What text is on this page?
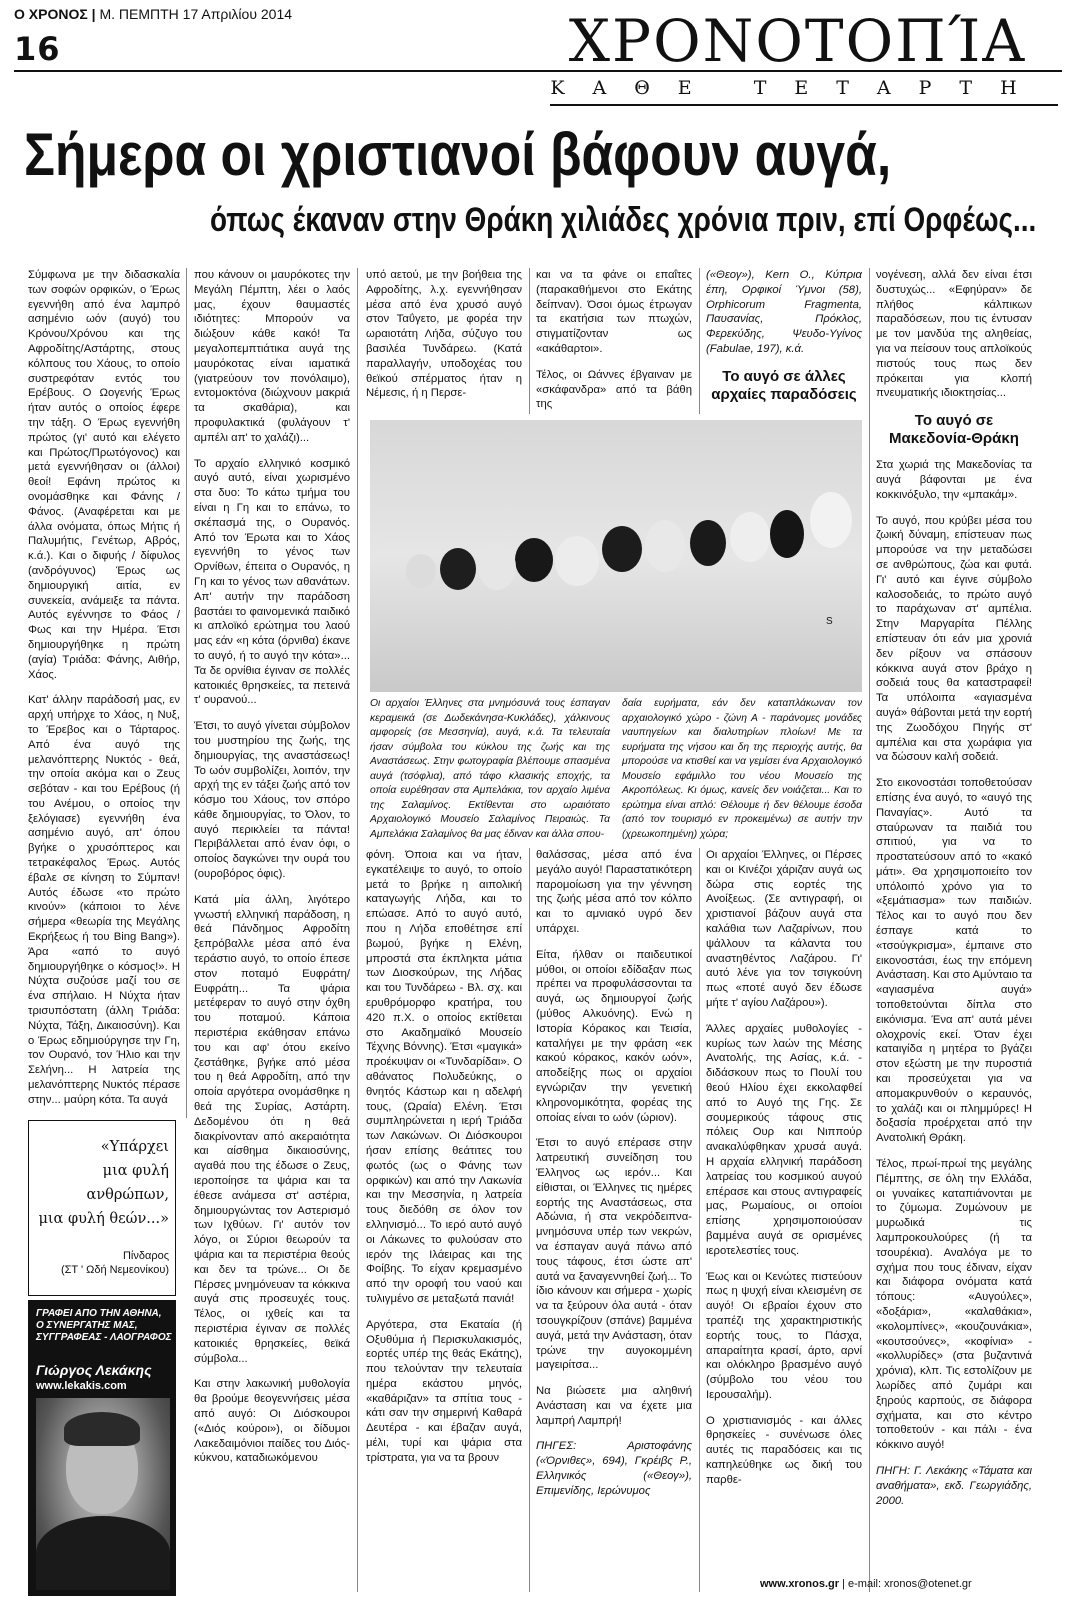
Ο ΧΡΟΝΟΣ | Μ. ΠΕΜΠΤΗ 17 Απριλίου 2014
16	ΧΡΟΝΟΤΟΠΊΑ
ΚΑΘΕ ΤΕΤΑΡΤΗ
Σήμερα οι χριστιανοί βάφουν αυγά,
όπως έκαναν στην Θράκη χιλιάδες χρόνια πριν, επί Ορφέως...

Σύμφωνα με την διδασκαλία των σοφών ορφικών, ο Έρως εγεννήθη από ένα λαμπρό ασημένιο ωόν (αυγό) του Κρόνου/Χρόνου και της Αφροδίτης/Αστάρτης, στους κόλπους του Χάους, το οποίο συστρεφόταν εντός του Ερέβους. Ο Ωογενής Έρως ήταν αυτός ο οποίος έφερε την τάξη. Ο Έρως εγεννήθη πρώτος (γι' αυτό και ελέγετο και Πρώτος/Πρωτόγονος) και μετά εγεννήθησαν οι (άλλοι) θεοί! Εφάνη πρώτος κι ονομάσθηκε και Φάνης / Φάνος. (Αναφέρεται και με άλλα ονόματα, όπως Μήτις ή Παλυμήτις, Γενέτωρ, Αβρός, κ.ά.). Και ο διφυής / δίφυλος (ανδρόγυνος) Έρως ως δημιουργική αιτία, εν συνεκεία, ανάμειξε τα πάντα. Αυτός εγέννησε το Φάος / Φως και την Ημέρα. Έτσι δημιουργήθηκε η πρώτη (αγία) Τριάδα: Φάνης, Αιθήρ, Χάος.

Κατ' άλλην παράδοσή μας, εν αρχή υπήρχε το Χάος, η Νυξ, το Έρεβος και ο Τάρταρος. Από ένα αυγό της μελανόπτερης Νυκτός - θεά, την οποία ακόμα και ο Ζευς σεβόταν - και του Ερέβους (ή του Ανέμου, ο οποίος την ξελόγιασε) εγεννήθη ένα ασημένιο αυγό, απ' όπου βγήκε ο χρυσόπτερος και τετρακέφαλος Έρως. Αυτός έβαλε σε κίνηση το Σύμπαν! Αυτός έδωσε «το πρώτο κινούν» (κάποιοι το λένε σήμερα «θεωρία της Μεγάλης Εκρήξεως ή του Bing Bang»). Άρα «από το αυγό δημιουργήθηκε ο κόσμος!». Η Νύχτα συζούσε μαζί του σε ένα σπήλαιο. Η Νύχτα ήταν τρισυπόστατη (άλλη Τριάδα: Νύχτα, Τάξη, Δικαιοσύνη). Και ο Έρως εδημιούργησε την Γη, τον Ουρανό, τον Ήλιο και την Σελήνη... Η λατρεία της μελανόπτερης Νυκτός πέρασε στην... μαύρη κότα. Τα αυγά

που κάνουν οι μαυρόκοτες την Μεγάλη Πέμπτη, λέει ο λαός μας, έχουν θαυμαστές ιδιότητες: Μπορούν να διώξουν κάθε κακό! Τα μεγαλοπεμπτιάτικα αυγά της μαυρόκοτας είναι ιαματικά (γιατρεύουν τον πονόλαιμο), εντομοκτόνα (διώχνουν μακριά τα σκαθάρια), και προφυλακτικά (φυλάγουν τ' αμπέλι απ' το χαλάζι)...

Το αρχαίο ελληνικό κοσμικό αυγό αυτό, είναι χωρισμένο στα δυο: Το κάτω τμήμα του είναι η Γη και το επάνω, το σκέπασμά της, ο Ουρανός. Από τον Έρωτα και το Χάος εγεννήθη το γένος των Ορνίθων, έπειτα ο Ουρανός, η Γη και το γένος των αθανάτων. Απ' αυτήν την παράδοση βαστάει το φαινομενικά παιδικό κι απλοϊκό ερώτημα του λαού μας εάν «η κότα (όρνιθα) έκανε το αυγό, ή το αυγό την κότα»... Τα δε ορνίθια έγιναν σε πολλές κατοικιές θρησκείες, τα πετεινά τ' ουρανού...

Έτσι, το αυγό γίνεται σύμβολον του μυστηρίου της ζωής, της δημιουργίας, της αναστάσεως! Το ωόν συμβολίζει, λοιπόν, την αρχή της εν τάξει ζωής από τον κόσμο του Χάους, τον σπόρο κάθε δημιουργίας, το Όλον, το αυγό περικλείει τα πάντα! Περιβάλλεται από έναν όφι, ο οποίος δαγκώνει την ουρά του (ουροβόρος όφις).

Κατά μία άλλη, λιγότερο γνωστή ελληνική παράδοση, η θεά Πάνδημος Αφροδίτη ξεπρόβαλλε μέσα από ένα τεράστιο αυγό, το οποίο έπεσε στον ποταμό Ευφράτη/Ευφράτη... Τα ψάρια μετέφεραν το αυγό στην όχθη του ποταμού. Κάποια περιστέρια εκάθησαν επάνω του και αφ' ότου εκείνο ζεστάθηκε, βγήκε από μέσα του η θεά Αφροδίτη, από την οποία αργότερα ονομάσθηκε η θεά της Συρίας, Αστάρτη. Δεδομένου ότι η θεά διακρίνονταν από ακεραιότητα και αίσθημα δικαιοσύνης, αγαθά που της έδωσε ο Ζευς, ιεροποίησε τα ψάρια και τα έθεσε ανάμεσα στ' αστέρια, δημιουργώντας τον Αστερισμό των Ιχθύων. Γι' αυτόν τον λόγο, οι Σύριοι θεωρούν τα ψάρια και τα περιστέρια θεούς και δεν τα τρώνε... Οι δε Πέρσες μνημόνευαν τα κόκκινα αυγά στις προσευχές τους. Τέλος, οι ιχθείς και τα περιστέρια έγιναν σε πολλές κατοικιές θρησκείες, θεϊκά σύμβολα...

Και στην λακωνική μυθολογία θα βρούμε θεογεννήσεις μέσα από αυγό: Οι Διόσκουροι («Διός κούροι»), οι δίδυμοι Λακεδαιμόνιοι παίδες του Διός-κύκνου, καταδιωκόμενου

υπό αετού, με την βοήθεια της Αφροδίτης, λ.χ. εγεννήθησαν μέσα από ένα χρυσό αυγό στον Ταΰγετο, με φορέα την ωραιοτάτη Λήδα, σύζυγο του βασιλέα Τυνδάρεω. (Κατά παραλλαγήν, υποδοχέας του θεϊκού σπέρματος ήταν η Νέμεσις, ή η Περσε-

και να τα φάνε οι επαΐτες (παρακαθήμενοι στο Εκάτης δείπναν). Όσοι όμως έτρωγαν τα εκατήσια των πτωχών, στιγματίζονταν ως «ακάθαρτοι».

Τέλος, οι Ωάννες έβγαιναν με «σκάφανδρα» από τα βάθη της

(«Θεογ»), Kern O., Κύπρια έπη, Ορφικοί Ύμνοι (58), Orphicorum Fragmenta, Παυσανίας, Πρόκλος, Φερεκύδης, Ψευδο-Υγίνος (Fabulae, 197), κ.ά.

Το αυγό σε άλλες αρχαίες παραδόσεις

νογένεση, αλλά δεν είναι έτσι δυστυχώς... «Εφηύραν» δε πλήθος κάλπικων παραδόσεων, που τις έντυσαν με τον μανδύα της αληθείας, για να πείσουν τους απλοϊκούς πιστούς τους πως δεν πρόκειται για κλοπή πνευματικής ιδιοκτησίας...

Το αυγό σε Μακεδονία-Θράκη

Στα χωριά της Μακεδονίας τα αυγά βάφονται με ένα κοκκινόξυλο, την «μπακάμ».

Το αυγό, που κρύβει μέσα του ζωική δύναμη, επίστευαν πως μπορούσε να την μεταδώσει σε ανθρώπους, ζώα και φυτά. Γι' αυτό και έγινε σύμβολο καλοσοδειάς, το πρώτο αυγό το παράχωναν στ' αμπέλια. Στην Μαργαρίτα Πέλλης επίστευαν ότι εάν μια χρονιά δεν ρίξουν να σπάσουν κόκκινα αυγά στον βράχο η σοδειά τους θα καταστραφεί! Τα υπόλοιπα «αγιασμένα αυγά» θάβονται μετά την εορτή της Ζωοδόχου Πηγής στ' αμπέλια και στα χωράφια για να δώσουν καλή σοδειά.

Στο εικονοστάσι τοποθετούσαν επίσης ένα αυγό, το «αυγό της Παναγίας». Αυτό τα σταύρωναν τα παιδιά του σπιτιού, για να το προστατεύσουν από το «κακό μάτι». Θα χρησιμοποιείτο τον υπόλοιπό χρόνο για το «ξεμάτιασμα» των παιδιών. Τέλος και το αυγό που δεν έσπαγε κατά το «τσούγκρισμα», έμπαινε στο εικονοστάσι, έως την επόμενη Ανάσταση. Και στο Αμύνταιο τα «αγιασμένα αυγά» τοποθετούνται δίπλα στο εικόνισμα. Ένα απ' αυτά μένει ολοχρονίς εκεί. Όταν έχει καταιγίδα η μητέρα το βγάζει στον εξώστη με την πυροστιά και προσεύχεται για να απομακρυνθούν ο κεραυνός, το χαλάζι και οι πλημμύρες! Η δοξασία προέρχεται από την Ανατολική Θράκη.

Τέλος, πρωί-πρωί της μεγάλης Πέμπτης, σε όλη την Ελλάδα, οι γυναίκες καταπιάνονται με το ζύμωμα. Ζυμώνουν με μυρωδικά τις λαμπροκουλούρες (ή τα τσουρέκια). Αναλόγα με το σχήμα που τους έδιναν, είχαν και διάφορα ονόματα κατά τόπους: «Αυγούλες», «δοξάρια», «καλαθάκια», «κολομπίνες», «κουζουνάκια», «κουτσούνες», «κοφίνια» - «κολλυρίδες» (στα βυζαντινά χρόνια), κλπ. Τις εστολίζουν με λωρίδες από ζυμάρι και ξηρούς καρπούς, σε διάφορα σχήματα, και στο κέντρο τοποθετούν - και πάλι - ένα κόκκινο αυγό!

ΠΗΓΗ: Γ. Λεκάκης «Τάματα και αναθήματα», εκδ. Γεωργιάδης, 2000.

S
Οι αρχαίοι Έλληνες στα μνημόσυνά τους έσπαγαν κεραμεικά (σε Δωδεκάνησα-Κυκλάδες), χάλκινους αμφορείς (σε Μεσσηνία), αυγά, κ.ά. Τα τελευταία ήσαν σύμβολα του κύκλου της ζωής και της Αναστάσεως. Στην φωτογραφία βλέπουμε σπασμένα αυγά (τσόφλια), από τάφο κλασικής εποχής, τα οποία ευρέθησαν στα Αμπελάκια, τον αρχαίο λιμένα της Σαλαμίνος. Εκτίθενται στο ωραιότατο Αρχαιολογικό Μουσείο Σαλαμίνος Πειραιώς. Τα Αμπελάκια Σαλαμίνος θα μας έδιναν και άλλα σπου-
δαία ευρήματα, εάν δεν καταπλάκωναν τον αρχαιολογικό χώρο - ζώνη Α - παράνομες μονάδες ναυπηγείων και διαλυτηρίων πλοίων! Με τα ευρήματα της νήσου και δη της περιοχής αυτής, θα μπορούσε να κτισθεί και να γεμίσει ένα Αρχαιολογικό Μουσείο εφάμιλλο του νέου Μουσείο της Ακροπόλεως. Κι όμως, κανείς δεν νοιάζεται... Και το ερώτημα είναι απλό: Θέλουμε ή δεν θέλουμε έσοδα (από τον τουρισμό εν προκειμένω) σε αυτήν την (χρεωκοπημένη) χώρα;

φόνη. Όποια και να ήταν, εγκατέλειψε το αυγό, το οποίο μετά το βρήκε η αιπολική καταγωγής Λήδα, και το επώασε. Από το αυγό αυτό, που η Λήδα εποθέτησε επί βωμού, βγήκε η Ελένη, μπροστά στα έκπληκτα μάτια των Διοσκούρων, της Λήδας και του Τυνδάρεω - Βλ. σχ. και ερυθρόμορφο κρατήρα, του 420 π.Χ. ο οποίος εκτίθεται στο Ακαδημαϊκό Μουσείο Τέχνης Βόννης). Έτσι «μαγικά» προέκυψαν οι «Τυνδαρίδαι». Ο αθάνατος Πολυδεύκης, ο θνητός Κάστωρ και η αδελφή τους, (Ωραία) Ελένη. Έτσι συμπληρώνεται η ιερή Τριάδα των Λακώνων. Οι Διόσκουροι ήσαν επίσης θεάτιτες του φωτός (ως ο Φάνης των ορφικών) και από την Λακωνία και την Μεσσηνία, η λατρεία τους διεδόθη σε όλον τον ελληνισμό... Το ιερό αυτό αυγό οι Λάκωνες το φυλούσαν στο ιερόν της Ιλάειρας και της Φοίβης. Το είχαν κρεμασμένο από την οροφή του ναού και τυλιγμένο σε μεταξωτά πανιά!

Αργότερα, στα Εκαταία (ή Οξυθύμια ή Περισκυλακισμός, εορτές υπέρ της θεάς Εκάτης), που τελούνταν την τελευταία ημέρα εκάστου μηνός, «καθάριζαν» τα σπίτια τους - κάτι σαν την σημερινή Καθαρά Δευτέρα - και έβαζαν αυγά, μέλι, τυρί και ψάρια στα τρίστρατα, για να τα βρουν

θαλάσσας, μέσα από ένα μεγάλο αυγό! Παραστατικότερη παρομοίωση για την γέννηση της ζωής μέσα από τον κόλπο και το αμνιακό υγρό δεν υπάρχει.

Είτα, ήλθαν οι παιδευτικοί μύθοι, οι οποίοι εδίδαξαν πως πρέπει να προφυλάσσονται τα αυγά, ως δημιουργοί ζωής (μύθος Αλκυόνης). Ενώ η Ιστορία Κόρακος και Τεισία, καταλήγει με την φράση «εκ κακού κόρακος, κακόν ωόν», αποδείξης πως οι αρχαίοι εγνώριζαν την γενετική κληρονομικότητα, φορέας της οποίας είναι το ωόν (ώριον).

Έτσι το αυγό επέρασε στην λατρευτική συνείδηση του Έλληνος ως ιερόν... Και είθισται, οι Έλληνες τις ημέρες εορτής της Αναστάσεως, στα Αδώνια, ή στα νεκρόδειπνα-μνημόσυνα υπέρ των νεκρών, να έσπαγαν αυγά πάνω από τους τάφους, έτσι ώστε απ' αυτά να ξαναγεννηθεί ζωή... Το ίδιο κάνουν και σήμερα - χωρίς να τα ξεύρουν όλα αυτά - όταν τσουγκρίζουν (σπάνε) βαμμένα αυγά, μετά την Ανάσταση, όταν τρώνε την αυγοκομμένη μαγειρίτσα...

Να βιώσετε μια αληθινή Ανάσταση και να έχετε μια λαμπρή Λαμπρή!

ΠΗΓΕΣ: Αριστοφάνης («Όρνιθες», 694), Γκρέιβς Ρ., Ελληνικός («Θεογ»), Επιμενίδης, Ιερώνυμος

Οι αρχαίοι Έλληνες, οι Πέρσες και οι Κινέζοι χάριζαν αυγά ως δώρα στις εορτές της Ανοίξεως. (Σε αντιγραφή, οι χριστιανοί βάζουν αυγά στα καλάθια των Λαζαρίνων, που ψάλλουν τα κάλαντα του αναστηθέντος Λαζάρου. Γι' αυτό λένε για τον τσιγκούνη πως «ποτέ αυγό δεν έδωσε μήτε τ' αγίου Λαζάρου»).

Άλλες αρχαίες μυθολογίες - κυρίως των λαών της Μέσης Ανατολής, της Ασίας, κ.ά. - διδάσκουν πως το Πουλί του θεού Ηλίου έχει εκκολαφθεί από το Αυγό της Γης. Σε σουμερικούς τάφους στις πόλεις Ουρ και Νιππούρ ανακαλύφθηκαν χρυσά αυγά. Η αρχαία ελληνική παράδοση λατρείας του κοσμικού αυγού επέρασε και στους αντιγραφείς μας, Ρωμαίους, οι οποίοι επίσης χρησιμοποιούσαν βαμμένα αυγά σε ορισμένες ιεροτελεστίες τους.

Έως και οι Κενώτες πιστεύουν πως η ψυχή είναι κλεισμένη σε αυγό! Οι εβραίοι έχουν στο τραπέζι της χαρακτηριστικής εορτής τους, το Πάσχα, απαραίτητα κρασί, άρτο, αρνί και ολόκληρο βρασμένο αυγό (σύμβολο του νέου του Ιερουσαλήμ).

Ο χριστιανισμός - και άλλες θρησκείες - συνένωσε όλες αυτές τις παραδόσεις και τις καπηλεύθηκε ως δική του παρθε-

«Υπάρχει
μια φυλή
ανθρώπων,
μια φυλή θεών...»
Πίνδαρος
(ΣΤ ' Ωδή Νεμεονίκου)
ΓΡΑΦΕΙ ΑΠΟ ΤΗΝ ΑΘΗΝΑ, Ο ΣΥΝΕΡΓΑΤΗΣ ΜΑΣ, ΣΥΓΓΡΑΦΕΑΣ - ΛΑΟΓΡΑΦΟΣ
Γιώργος Λεκάκης
www.lekakis.com
www.xronos.gr | e-mail: xronos@otenet.gr
